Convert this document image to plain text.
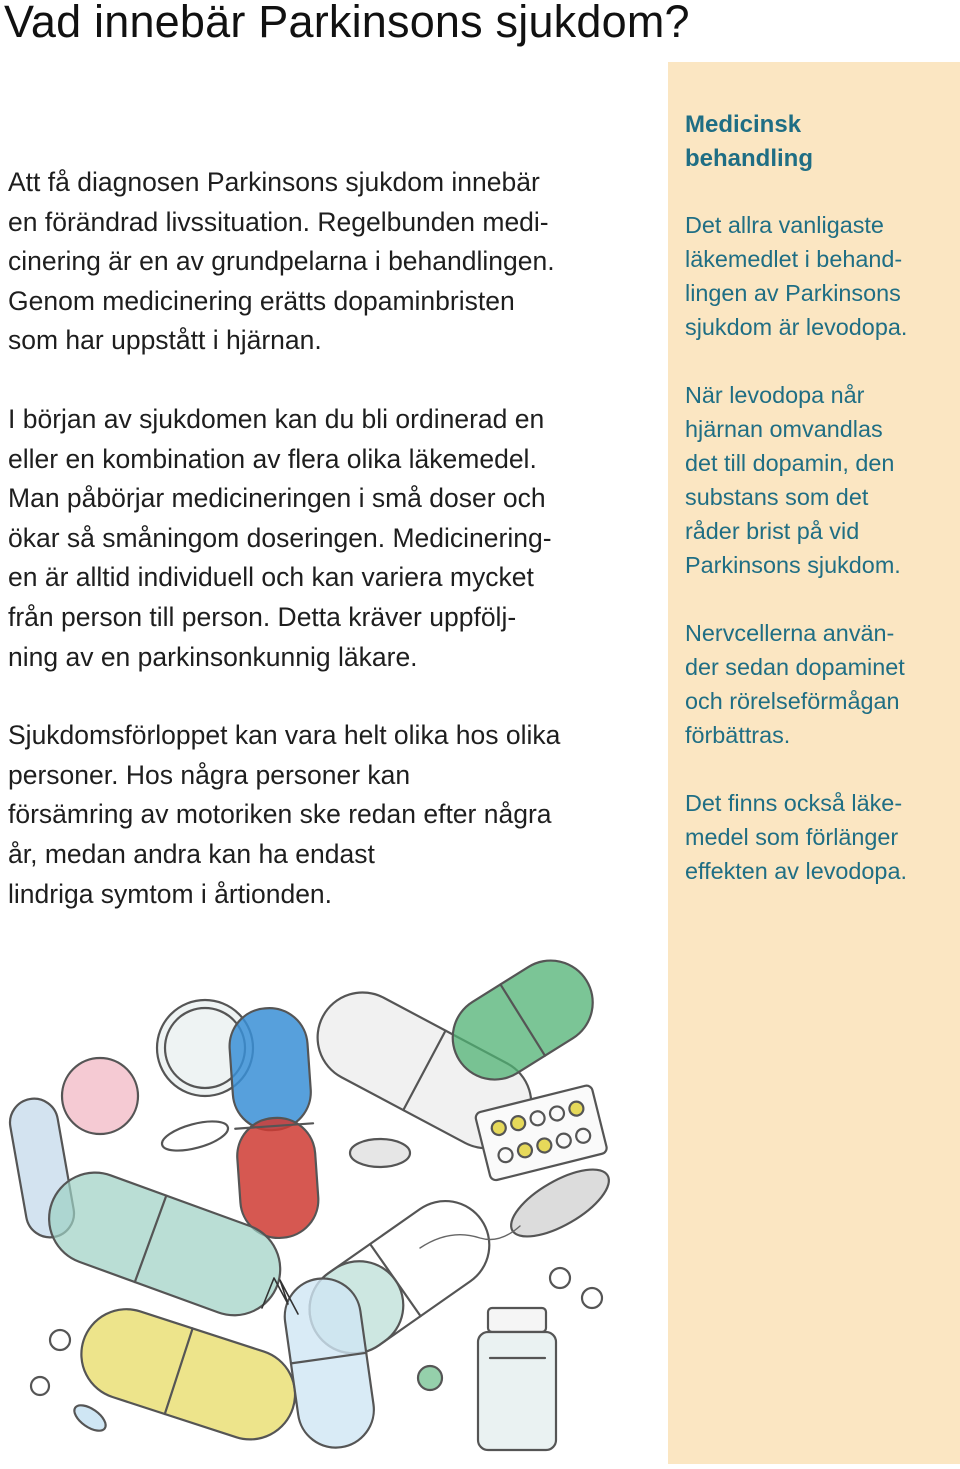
Vad innebär Parkinsons sjukdom?

Att få diagnosen Parkinsons sjukdom innebär
en förändrad livssituation. Regelbunden medi-
cinering är en av grundpelarna i behandlingen.
Genom medicinering erätts dopaminbristen
som har uppstått i hjärnan.

I början av sjukdomen kan du bli ordinerad en
eller en kombination av flera olika läkemedel.
Man påbörjar medicineringen i små doser och
ökar så småningom doseringen. Medicinering-
en är alltid individuell och kan variera mycket
från person till person. Detta kräver uppfölj-
ning av en parkinsonkunnig läkare.

Sjukdomsförloppet kan vara helt olika hos olika
personer. Hos några personer kan
försämring av motoriken ske redan efter några
år, medan andra kan ha endast
lindriga symtom i årtionden.

Medicinsk
behandling

Det allra vanligaste
läkemedlet i behand-
lingen av Parkinsons
sjukdom är levodopa.

När levodopa når
hjärnan omvandlas
det till dopamin, den
substans som det
råder brist på vid
Parkinsons sjukdom.

Nervcellerna använ-
der sedan dopaminet
och rörelseförmågan
förbättras.

Det finns också läke-
medel som förlänger
effekten av levodopa.
